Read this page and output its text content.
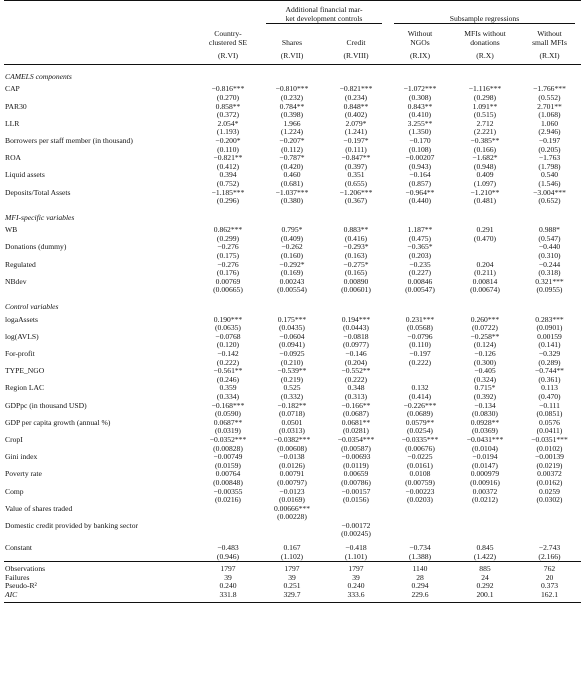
		Additional financial mar-
ket development controls		Subsample regressions		

	Country-			Without	MFIs without	Without
	clustered SE	Shares	Credit	NGOs	donations	small MFIs
	(R.VI)	(R.VII)	(R.VIII)	(R.IX)	(R.X)	(R.XI)
CAMELS components						
CAP	−0.816***	−0.810***	−0.821***	−1.072***	−1.116***	−1.766***
	(0.270)	(0.232)	(0.234)	(0.308)	(0.298)	(0.552)
PAR30	0.858**	0.784**	0.848**	0.843**	1.091**	2.701**
	(0.372)	(0.398)	(0.402)	(0.410)	(0.515)	(1.068)
LLR	2.054*	1.966	2.079*	3.255**	2.712	1.060
	(1.193)	(1.224)	(1.241)	(1.350)	(2.221)	(2.946)
Borrowers per staff member (in thousand)	−0.200*	−0.207*	−0.197*	−0.170	−0.385**	−0.197
	(0.110)	(0.112)	(0.111)	(0.108)	(0.166)	(0.205)
ROA	−0.821**	−0.787*	−0.847**	−0.00207	−1.682*	−1.763
	(0.412)	(0.420)	(0.397)	(0.943)	(0.948)	(1.798)
Liquid assets	0.394	0.460	0.351	−0.164	0.409	0.540
	(0.752)	(0.681)	(0.655)	(0.857)	(1.097)	(1.546)
Deposits/Total Assets	−1.185***	−1.037***	−1.206***	−0.964**	−1.210**	−3.004***
	(0.296)	(0.380)	(0.367)	(0.440)	(0.481)	(0.652)
MFI-specific variables						
WB	0.862***	0.795*	0.883**	1.187**	0.291	0.988*
	(0.299)	(0.409)	(0.416)	(0.475)	(0.470)	(0.547)
Donations (dummy)	−0.276	−0.262	−0.293*	−0.365*		−0.440
	(0.175)	(0.160)	(0.163)	(0.203)		(0.310)
Regulated	−0.276	−0.292*	−0.275*	−0.235	0.204	−0.244
	(0.176)	(0.169)	(0.165)	(0.227)	(0.211)	(0.318)
NBdev	0.00769	0.00243	0.00890	0.00846	0.00814	0.321***
	(0.00665)	(0.00554)	(0.00601)	(0.00547)	(0.00674)	(0.0955)
Control variables						
logaAssets	0.190***	0.175***	0.194***	0.231***	0.260***	0.283***
	(0.0635)	(0.0435)	(0.0443)	(0.0568)	(0.0722)	(0.0901)
log(AVLS)	−0.0768	−0.0604	−0.0818	−0.0796	−0.258**	0.00159
	(0.120)	(0.0941)	(0.0977)	(0.110)	(0.124)	(0.141)
For-profit	−0.142	−0.0925	−0.146	−0.197	−0.126	−0.329
	(0.222)	(0.210)	(0.204)	(0.222)	(0.300)	(0.289)
TYPE_NGO	−0.561**	−0.539**	−0.552**		−0.405	−0.744**
	(0.246)	(0.219)	(0.222)		(0.324)	(0.361)
Region LAC	0.359	0.525	0.348	0.132	0.715*	0.113
	(0.334)	(0.332)	(0.313)	(0.414)	(0.392)	(0.470)
GDPpc (in thousand USD)	−0.168***	−0.182**	−0.166**	−0.226***	−0.134	−0.111
	(0.0590)	(0.0718)	(0.0687)	(0.0689)	(0.0830)	(0.0851)
GDP per capita growth (annual %)	0.0687**	0.0501	0.0681**	0.0579**	0.0928**	0.0576
	(0.0319)	(0.0313)	(0.0281)	(0.0254)	(0.0369)	(0.0411)
CropI	−0.0352***	−0.0382***	−0.0354***	−0.0335***	−0.0431***	−0.0351***
	(0.00828)	(0.00608)	(0.00587)	(0.00676)	(0.0104)	(0.0102)
Gini index	−0.00749	−0.0138	−0.00693	−0.0225	−0.0194	−0.00139
	(0.0159)	(0.0126)	(0.0119)	(0.0161)	(0.0147)	(0.0219)
Poverty rate	0.00764	0.00791	0.00659	0.0108	0.000979	0.00372
	(0.00848)	(0.00797)	(0.00786)	(0.00759)	(0.00916)	(0.0162)
Comp	−0.00355	−0.0123	−0.00157	−0.00223	0.00372	0.0259
	(0.0216)	(0.0169)	(0.0156)	(0.0203)	(0.0212)	(0.0302)
Value of shares traded		0.00666***				
		(0.00228)				
Domestic credit provided by banking sector			−0.00172			
			(0.00245)			

Constant	−0.483	0.167	−0.418	−0.734	0.845	−2.743
	(0.946)	(1.102)	(1.101)	(1.388)	(1.422)	(2.166)
Observations	1797	1797	1797	1140	885	762
Failures	39	39	39	28	24	20
Pseudo-R²	0.240	0.251	0.240	0.294	0.292	0.373
AIC	331.8	329.7	333.6	229.6	200.1	162.1
